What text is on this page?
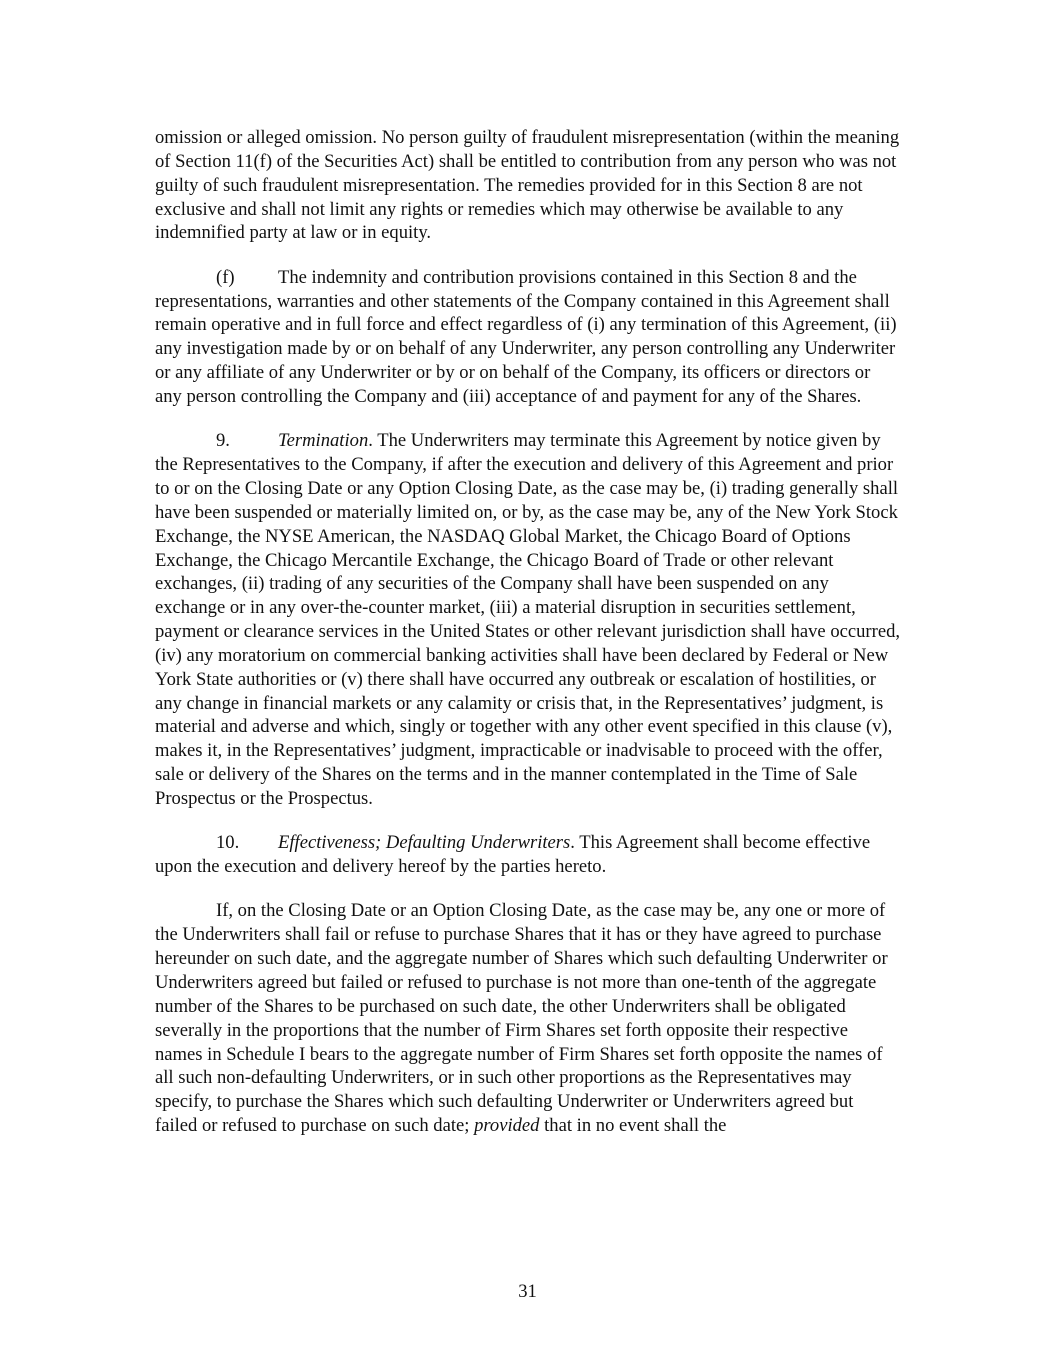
omission or alleged omission. No person guilty of fraudulent misrepresentation (within the meaning of Section 11(f) of the Securities Act) shall be entitled to contribution from any person who was not guilty of such fraudulent misrepresentation. The remedies provided for in this Section 8 are not exclusive and shall not limit any rights or remedies which may otherwise be available to any indemnified party at law or in equity.

(f) The indemnity and contribution provisions contained in this Section 8 and the representations, warranties and other statements of the Company contained in this Agreement shall remain operative and in full force and effect regardless of (i) any termination of this Agreement, (ii) any investigation made by or on behalf of any Underwriter, any person controlling any Underwriter or any affiliate of any Underwriter or by or on behalf of the Company, its officers or directors or any person controlling the Company and (iii) acceptance of and payment for any of the Shares.

9.	Termination. The Underwriters may terminate this Agreement by notice given by the Representatives to the Company, if after the execution and delivery of this Agreement and prior to or on the Closing Date or any Option Closing Date, as the case may be, (i) trading generally shall have been suspended or materially limited on, or by, as the case may be, any of the New York Stock Exchange, the NYSE American, the NASDAQ Global Market, the Chicago Board of Options Exchange, the Chicago Mercantile Exchange, the Chicago Board of Trade or other relevant exchanges, (ii) trading of any securities of the Company shall have been suspended on any exchange or in any over-the-counter market, (iii) a material disruption in securities settlement, payment or clearance services in the United States or other relevant jurisdiction shall have occurred, (iv) any moratorium on commercial banking activities shall have been declared by Federal or New York State authorities or (v) there shall have occurred any outbreak or escalation of hostilities, or any change in financial markets or any calamity or crisis that, in the Representatives’ judgment, is material and adverse and which, singly or together with any other event specified in this clause (v), makes it, in the Representatives’ judgment, impracticable or inadvisable to proceed with the offer, sale or delivery of the Shares on the terms and in the manner contemplated in the Time of Sale Prospectus or the Prospectus.

10. Effectiveness; Defaulting Underwriters. This Agreement shall become effective upon the execution and delivery hereof by the parties hereto.

If, on the Closing Date or an Option Closing Date, as the case may be, any one or more of the Underwriters shall fail or refuse to purchase Shares that it has or they have agreed to purchase hereunder on such date, and the aggregate number of Shares which such defaulting Underwriter or Underwriters agreed but failed or refused to purchase is not more than one-tenth of the aggregate number of the Shares to be purchased on such date, the other Underwriters shall be obligated severally in the proportions that the number of Firm Shares set forth opposite their respective names in Schedule I bears to the aggregate number of Firm Shares set forth opposite the names of all such non-defaulting Underwriters, or in such other proportions as the Representatives may specify, to purchase the Shares which such defaulting Underwriter or Underwriters agreed but failed or refused to purchase on such date; provided that in no event shall the

31
